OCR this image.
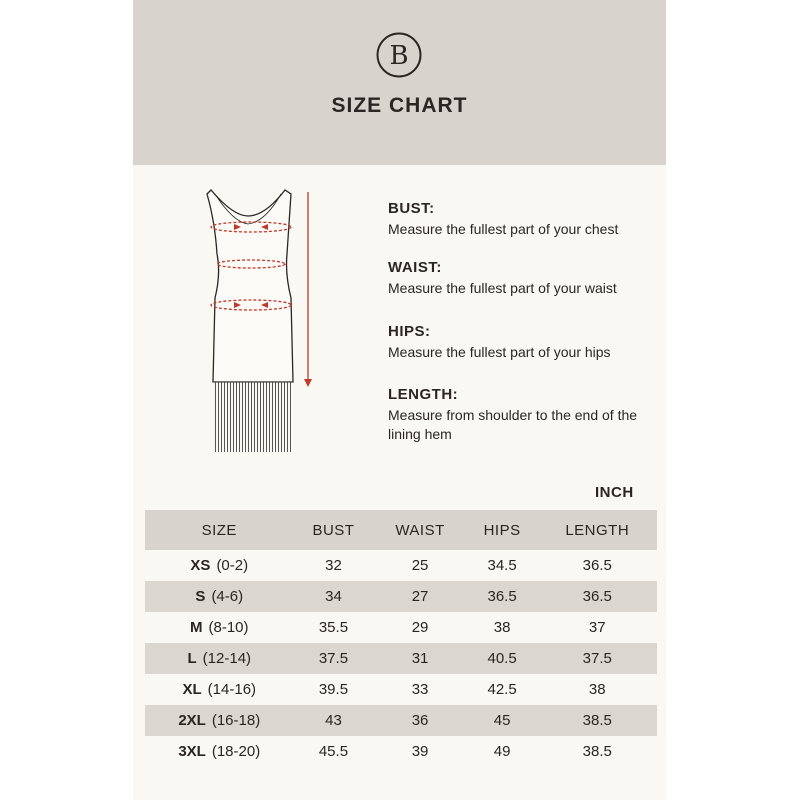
B
SIZE CHART
BUST:
Measure the fullest part of your chest
WAIST:
Measure the fullest part of your waist
HIPS:
Measure the fullest part of your hips
LENGTH:
Measure from shoulder to the end of the lining hem
INCH
SIZE	BUST	WAIST	HIPS	LENGTH
XS (0-2)	32	25	34.5	36.5
S (4-6)	34	27	36.5	36.5
M (8-10)	35.5	29	38	37
L (12-14)	37.5	31	40.5	37.5
XL (14-16)	39.5	33	42.5	38
2XL (16-18)	43	36	45	38.5
3XL (18-20)	45.5	39	49	38.5
